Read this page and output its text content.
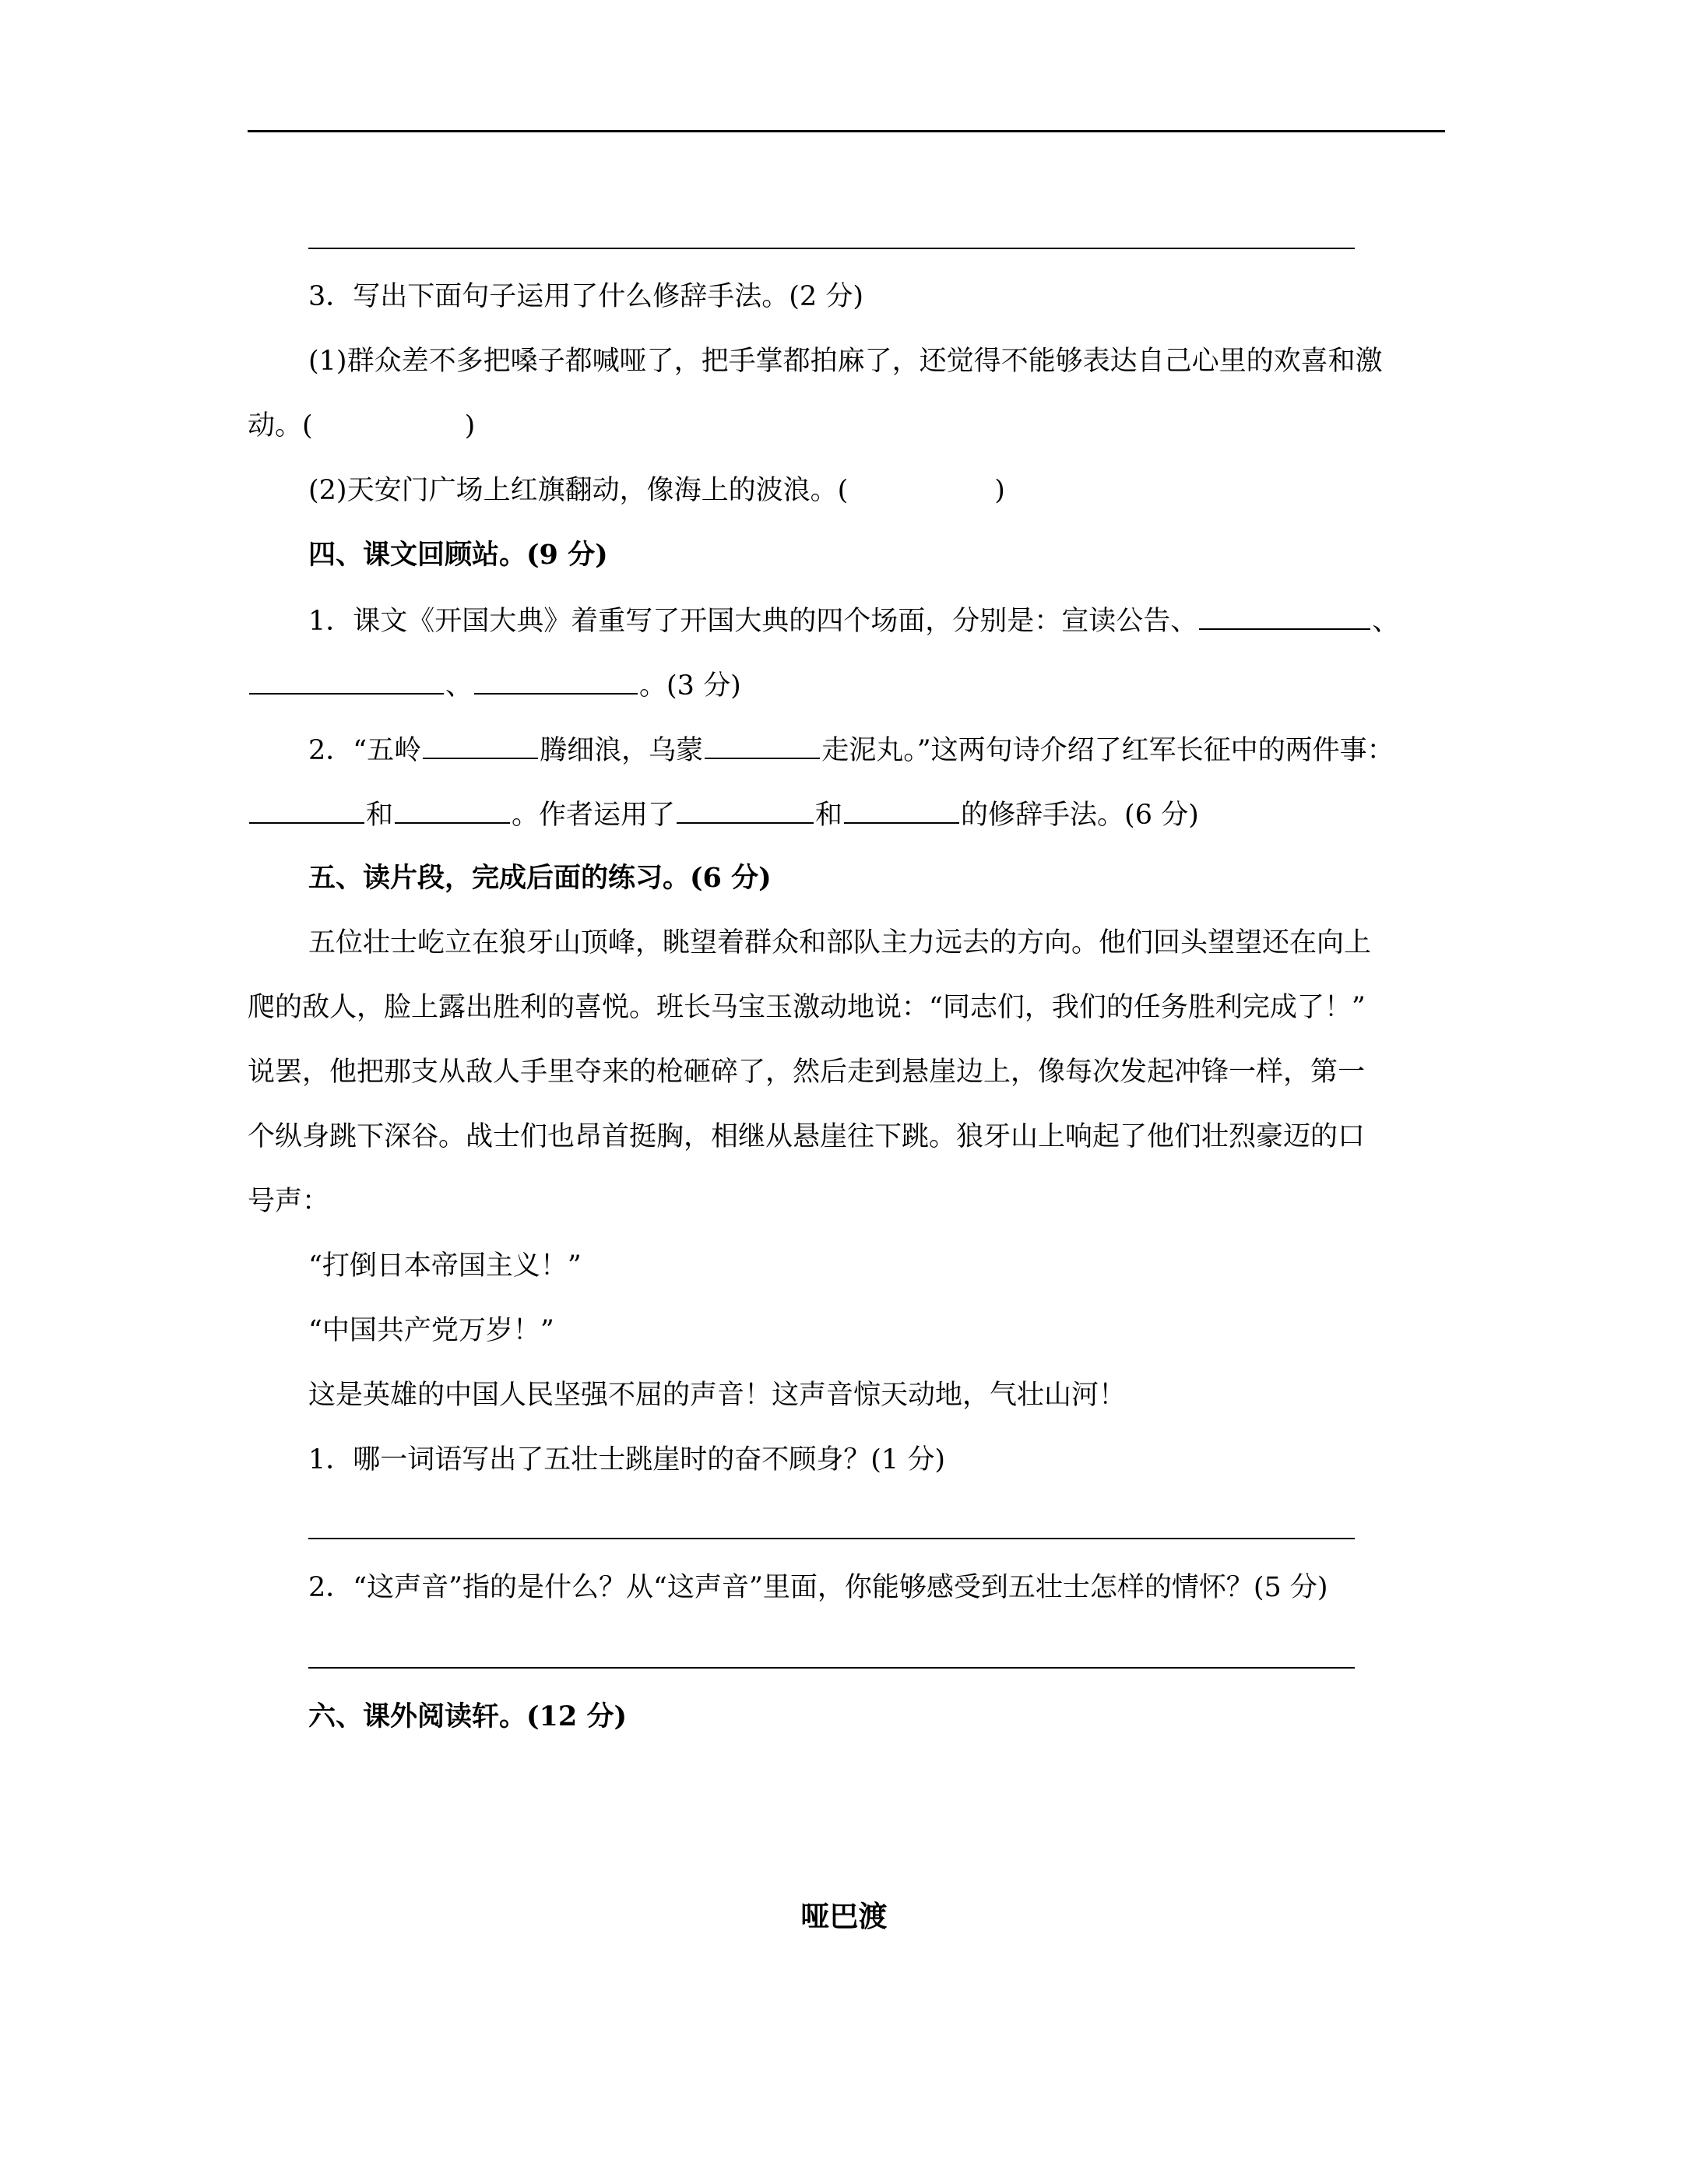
3．写出下面句子运用了什么修辞手法。(2 分)
(1)群众差不多把嗓子都喊哑了，把手掌都拍麻了，还觉得不能够表达自己心里的欢喜和激
动。(	)
(2)天安门广场上红旗翻动，像海上的波浪。(	)
四、课文回顾站。(9 分)
1．课文《开国大典》着重写了开国大典的四个场面，分别是：宣读公告、	、
、	。(3 分)
2．“五岭	腾细浪，乌蒙	走泥丸。”这两句诗介绍了红军长征中的两件事：
和	。作者运用了	和	的修辞手法。(6 分)
五、读片段，完成后面的练习。(6 分)
五位壮士屹立在狼牙山顶峰，眺望着群众和部队主力远去的方向。他们回头望望还在向上
爬的敌人，脸上露出胜利的喜悦。班长马宝玉激动地说：“同志们，我们的任务胜利完成了！”
说罢，他把那支从敌人手里夺来的枪砸碎了，然后走到悬崖边上，像每次发起冲锋一样，第一
个纵身跳下深谷。战士们也昂首挺胸，相继从悬崖往下跳。狼牙山上响起了他们壮烈豪迈的口
号声：
“打倒日本帝国主义！”
“中国共产党万岁！”
这是英雄的中国人民坚强不屈的声音！这声音惊天动地，气壮山河！
1．哪一词语写出了五壮士跳崖时的奋不顾身？(1 分)
2．“这声音”指的是什么？从“这声音”里面，你能够感受到五壮士怎样的情怀？(5 分)
六、课外阅读轩。(12 分)
哑巴渡
